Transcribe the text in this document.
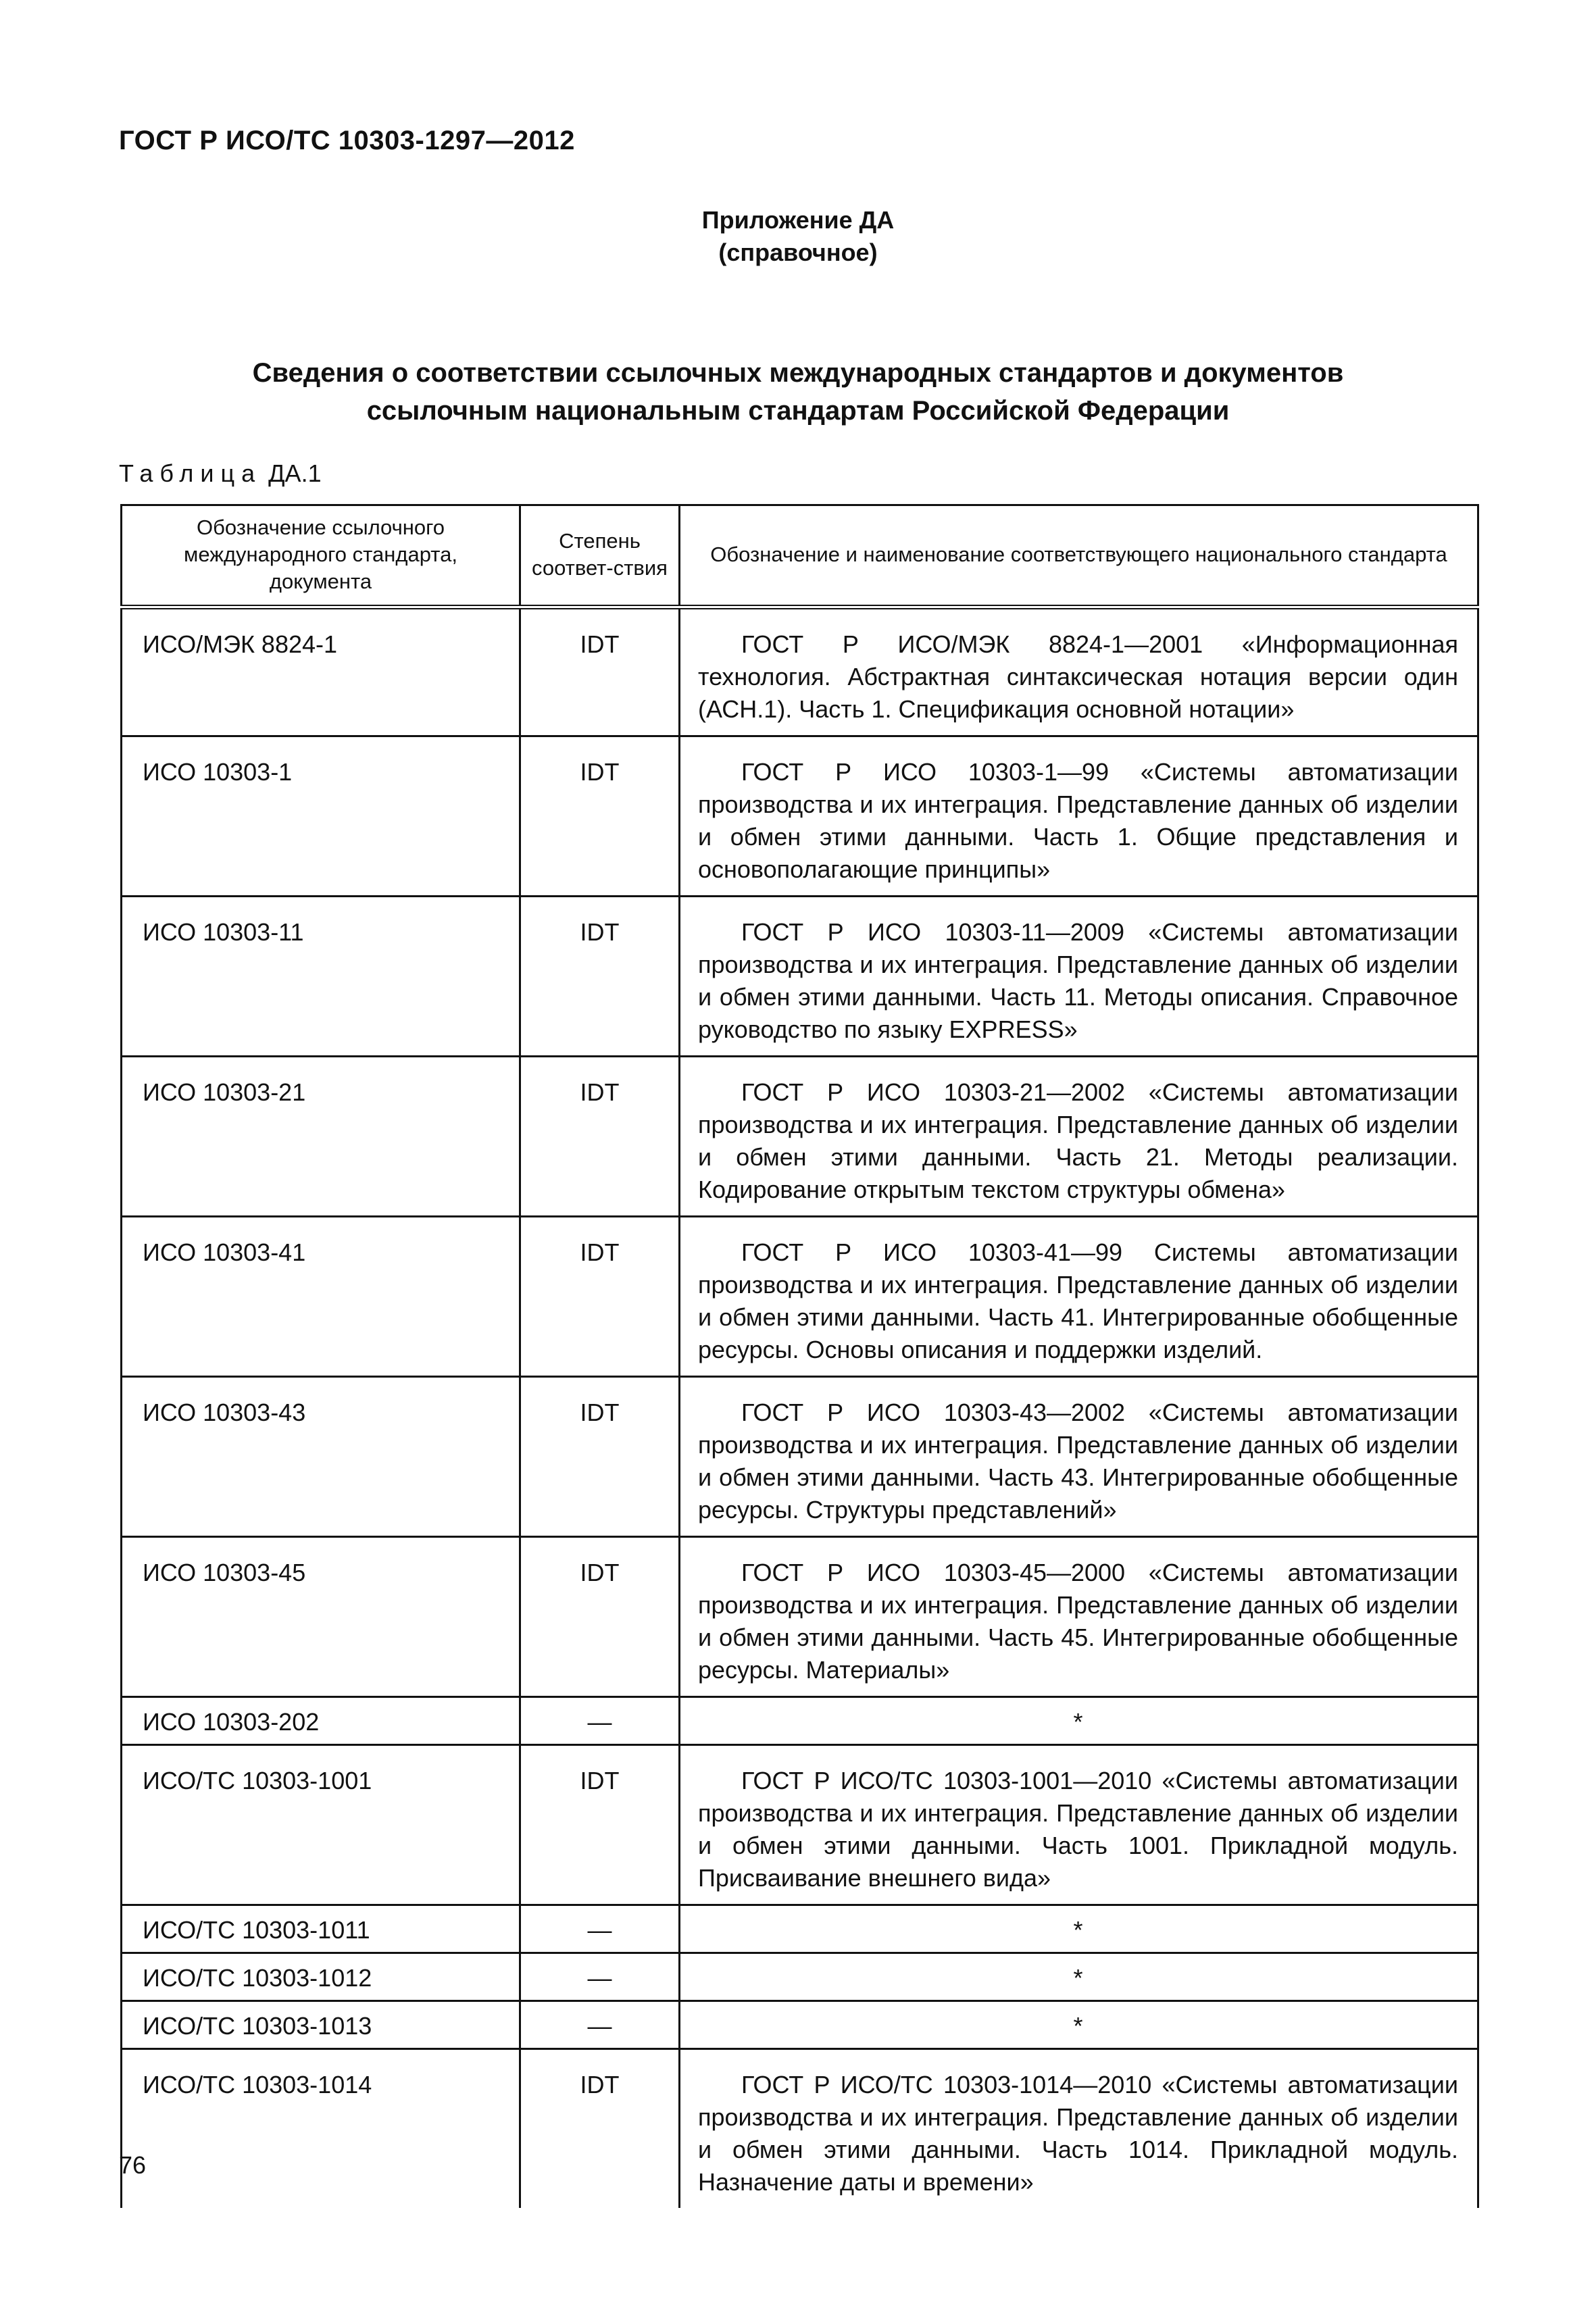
ГОСТ Р ИСО/ТС 10303-1297—2012
Приложение ДА
(справочное)
Сведения о соответствии ссылочных международных стандартов и документов
ссылочным национальным стандартам Российской Федерации
Таблица ДА.1
Обозначение ссылочного международного стандарта, документа	Степень соответ-ствия	Обозначение и наименование соответствующего национального стандарта
ИСО/МЭК 8824-1	IDT	ГОСТ Р ИСО/МЭК 8824-1—2001 «Информационная технология. Абстрактная синтаксическая нотация версии один (АСН.1). Часть 1. Спецификация основной нотации»
ИСО 10303-1	IDT	ГОСТ Р ИСО 10303-1—99 «Системы автоматизации производства и их интеграция. Представление данных об изделии и обмен этими данными. Часть 1. Общие представления и основополагающие принципы»
ИСО 10303-11	IDT	ГОСТ Р ИСО 10303-11—2009 «Системы автоматизации производства и их интеграция. Представление данных об изделии и обмен этими данными. Часть 11. Методы описания. Справочное руководство по языку EXPRESS»
ИСО 10303-21	IDT	ГОСТ Р ИСО 10303-21—2002 «Системы автоматизации производства и их интеграция. Представление данных об изделии и обмен этими данными. Часть 21. Методы реализации. Кодирование открытым текстом структуры обмена»
ИСО 10303-41	IDT	ГОСТ Р ИСО 10303-41—99 Системы автоматизации производства и их интеграция. Представление данных об изделии и обмен этими данными. Часть 41. Интегрированные обобщенные ресурсы. Основы описания и поддержки изделий.
ИСО 10303-43	IDT	ГОСТ Р ИСО 10303-43—2002 «Системы автоматизации производства и их интеграция. Представление данных об изделии и обмен этими данными. Часть 43. Интегрированные обобщенные ресурсы. Структуры представлений»
ИСО 10303-45	IDT	ГОСТ Р ИСО 10303-45—2000 «Системы автоматизации производства и их интеграция. Представление данных об изделии и обмен этими данными. Часть 45. Интегрированные обобщенные ресурсы. Материалы»
ИСО 10303-202	—	*
ИСО/ТС 10303-1001	IDT	ГОСТ Р ИСО/ТС 10303-1001—2010 «Системы автоматизации производства и их интеграция. Представление данных об изделии и обмен этими данными. Часть 1001. Прикладной модуль. Присваивание внешнего вида»
ИСО/ТС 10303-1011	—	*
ИСО/ТС 10303-1012	—	*
ИСО/ТС 10303-1013	—	*
ИСО/ТС 10303-1014	IDT	ГОСТ Р ИСО/ТС 10303-1014—2010 «Системы автоматизации производства и их интеграция. Представление данных об изделии и обмен этими данными. Часть 1014. Прикладной модуль. Назначение даты и времени»
76
